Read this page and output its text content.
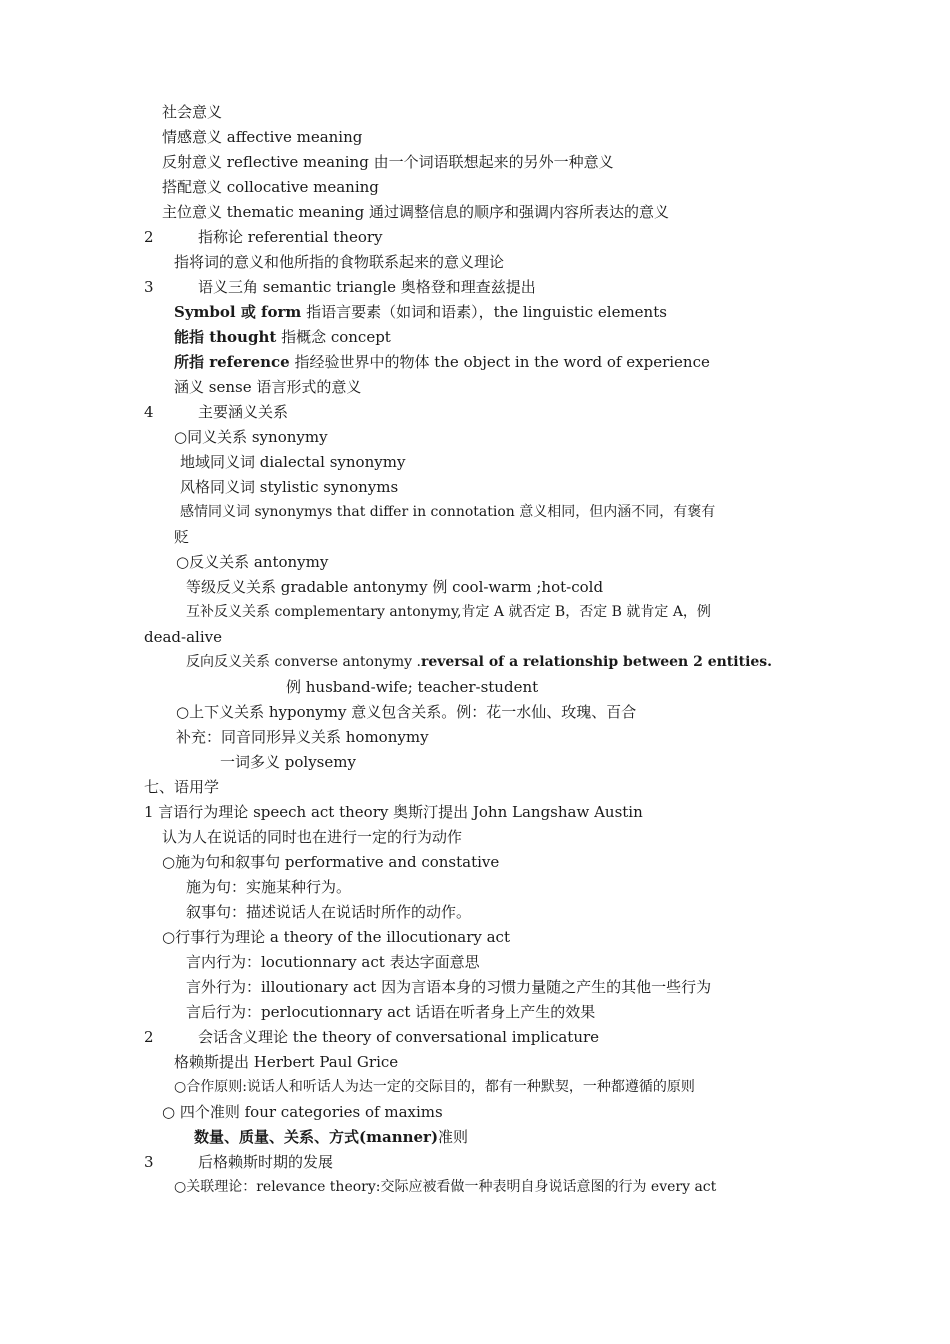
社会意义
情感意义 affective meaning
反射意义 reflective meaning 由一个词语联想起来的另外一种意义
搭配意义 collocative meaning
主位意义 thematic meaning 通过调整信息的顺序和强调内容所表达的意义
2	指称论 referential theory
指将词的意义和他所指的食物联系起来的意义理论
3	语义三角 semantic triangle 奥格登和理查兹提出
Symbol 或 form 指语言要素（如词和语素），the linguistic elements
能指 thought 指概念 concept
所指 reference 指经验世界中的物体 the object in the word of experience
涵义 sense 语言形式的意义
4	主要涵义关系
○同义关系 synonymy
地域同义词 dialectal synonymy
风格同义词 stylistic synonyms
感情同义词 synonymys that differ in connotation 意义相同，但内涵不同，有褒有
贬
○反义关系 antonymy
等级反义关系 gradable antonymy 例 cool-warm ;hot-cold
互补反义关系 complementary antonymy,肯定 A 就否定 B，否定 B 就肯定 A，例
dead-alive
反向反义关系 converse antonymy .reversal of a relationship between 2 entities.
例 husband-wife; teacher-student
○上下义关系 hyponymy 意义包含关系。例：花一水仙、玫瑰、百合
补充：同音同形异义关系 homonymy
一词多义 polysemy
七、语用学
1 言语行为理论 speech act theory 奥斯汀提出 John Langshaw Austin
认为人在说话的同时也在进行一定的行为动作
○施为句和叙事句 performative and constative
施为句：实施某种行为。
叙事句：描述说话人在说话时所作的动作。
○行事行为理论 a theory of the illocutionary act
言内行为：locutionnary act 表达字面意思
言外行为：illoutionary act 因为言语本身的习惯力量随之产生的其他一些行为
言后行为：perlocutionnary act 话语在听者身上产生的效果
2	会话含义理论 the theory of conversational implicature
格赖斯提出 Herbert Paul Grice
○合作原则:说话人和听话人为达一定的交际目的，都有一种默契，一种都遵循的原则
○ 四个准则 four categories of maxims
数量、质量、关系、方式(manner)准则
3	后格赖斯时期的发展
○关联理论：relevance theory:交际应被看做一种表明自身说话意图的行为 every act
